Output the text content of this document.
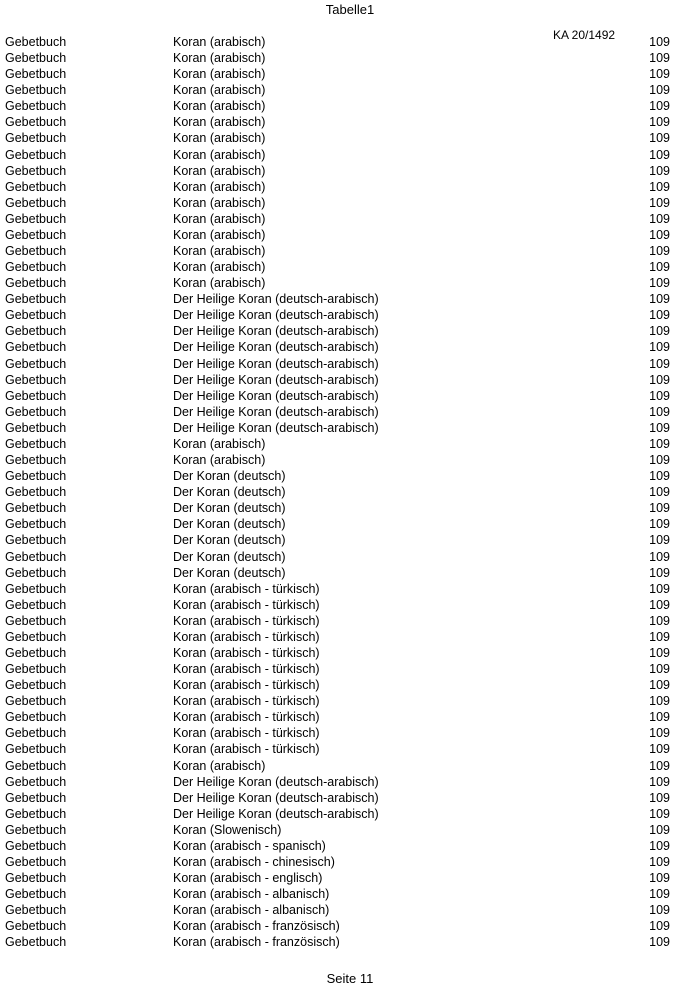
Tabelle1
KA 20/1492
Gebetbuch	Koran (arabisch)	109
Gebetbuch	Koran (arabisch)	109
Gebetbuch	Koran (arabisch)	109
Gebetbuch	Koran (arabisch)	109
Gebetbuch	Koran (arabisch)	109
Gebetbuch	Koran (arabisch)	109
Gebetbuch	Koran (arabisch)	109
Gebetbuch	Koran (arabisch)	109
Gebetbuch	Koran (arabisch)	109
Gebetbuch	Koran (arabisch)	109
Gebetbuch	Koran (arabisch)	109
Gebetbuch	Koran (arabisch)	109
Gebetbuch	Koran (arabisch)	109
Gebetbuch	Koran (arabisch)	109
Gebetbuch	Koran (arabisch)	109
Gebetbuch	Koran (arabisch)	109
Gebetbuch	Der Heilige Koran (deutsch-arabisch)	109
Gebetbuch	Der Heilige Koran (deutsch-arabisch)	109
Gebetbuch	Der Heilige Koran (deutsch-arabisch)	109
Gebetbuch	Der Heilige Koran (deutsch-arabisch)	109
Gebetbuch	Der Heilige Koran (deutsch-arabisch)	109
Gebetbuch	Der Heilige Koran (deutsch-arabisch)	109
Gebetbuch	Der Heilige Koran (deutsch-arabisch)	109
Gebetbuch	Der Heilige Koran (deutsch-arabisch)	109
Gebetbuch	Der Heilige Koran (deutsch-arabisch)	109
Gebetbuch	Koran (arabisch)	109
Gebetbuch	Koran (arabisch)	109
Gebetbuch	Der Koran (deutsch)	109
Gebetbuch	Der Koran (deutsch)	109
Gebetbuch	Der Koran (deutsch)	109
Gebetbuch	Der Koran (deutsch)	109
Gebetbuch	Der Koran (deutsch)	109
Gebetbuch	Der Koran (deutsch)	109
Gebetbuch	Der Koran (deutsch)	109
Gebetbuch	Koran (arabisch - türkisch)	109
Gebetbuch	Koran (arabisch - türkisch)	109
Gebetbuch	Koran (arabisch - türkisch)	109
Gebetbuch	Koran (arabisch - türkisch)	109
Gebetbuch	Koran (arabisch - türkisch)	109
Gebetbuch	Koran (arabisch - türkisch)	109
Gebetbuch	Koran (arabisch - türkisch)	109
Gebetbuch	Koran (arabisch - türkisch)	109
Gebetbuch	Koran (arabisch - türkisch)	109
Gebetbuch	Koran (arabisch - türkisch)	109
Gebetbuch	Koran (arabisch - türkisch)	109
Gebetbuch	Koran (arabisch)	109
Gebetbuch	Der Heilige Koran (deutsch-arabisch)	109
Gebetbuch	Der Heilige Koran (deutsch-arabisch)	109
Gebetbuch	Der Heilige Koran (deutsch-arabisch)	109
Gebetbuch	Koran (Slowenisch)	109
Gebetbuch	Koran (arabisch - spanisch)	109
Gebetbuch	Koran (arabisch - chinesisch)	109
Gebetbuch	Koran (arabisch - englisch)	109
Gebetbuch	Koran (arabisch - albanisch)	109
Gebetbuch	Koran (arabisch - albanisch)	109
Gebetbuch	Koran (arabisch - französisch)	109
Gebetbuch	Koran (arabisch - französisch)	109
Seite 11
